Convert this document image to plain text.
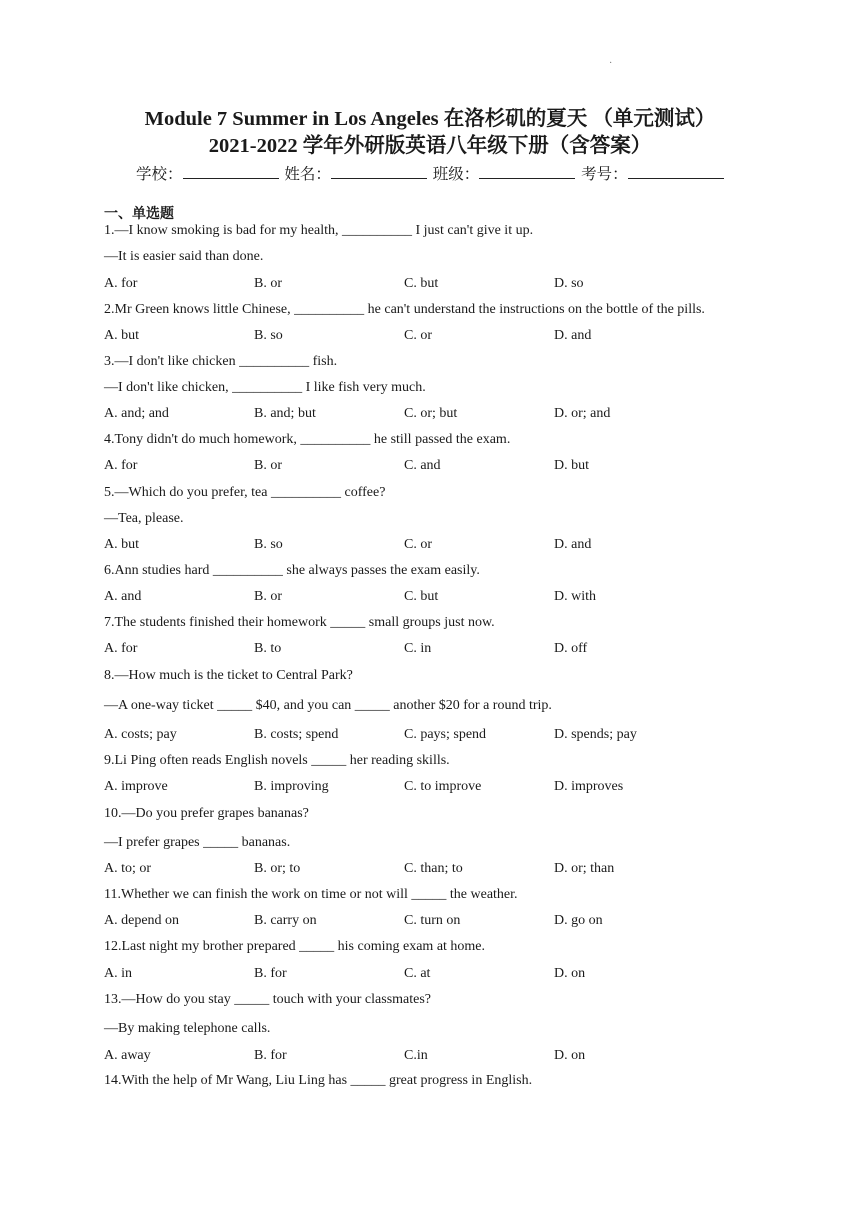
·
Module 7 Summer in Los Angeles 在洛杉矶的夏天 （单元测试）
2021-2022 学年外研版英语八年级下册（含答案）
学校：	姓名：	班级：	考号：
一、单选题
1.—I know smoking is bad for my health, __________ I just can't give it up.
—It is easier said than done.
A. for	B. or	C. but	D. so
2.Mr Green knows little Chinese, __________ he can't understand the instructions on the bottle of the pills.
A. but	B. so	C. or	D. and
3.—I don't like chicken __________ fish.
—I don't like chicken, __________ I like fish very much.
A. and; and	B. and; but	C. or; but	D. or; and
4.Tony didn't do much homework, __________ he still passed the exam.
A. for	B. or	C. and	D. but
5.—Which do you prefer, tea __________ coffee?
—Tea, please.
A. but	B. so	C. or	D. and
6.Ann studies hard __________ she always passes the exam easily.
A. and	B. or	C. but	D. with
7.The students finished their homework _____ small groups just now.
A. for	B. to	C. in	D. off
8.—How much is the ticket to Central Park?
—A one-way ticket _____ $40, and you can _____ another $20 for a round trip.
A. costs; pay	B. costs; spend	C. pays; spend	D. spends; pay
9.Li Ping often reads English novels _____ her reading skills.
A. improve	B. improving	C. to improve	D. improves
10.—Do you prefer grapes bananas?
—I prefer grapes _____ bananas.
A. to; or	B. or; to	C. than; to	D. or; than
11.Whether we can finish the work on time or not will _____ the weather.
A. depend on	B. carry on	C. turn on	D. go on
12.Last night my brother prepared _____ his coming exam at home.
A. in	B. for	C. at	D. on
13.—How do you stay _____ touch with your classmates?
—By making telephone calls.
A. away	B. for	C.in	D. on
14.With the help of Mr Wang, Liu Ling has _____ great progress in English.
